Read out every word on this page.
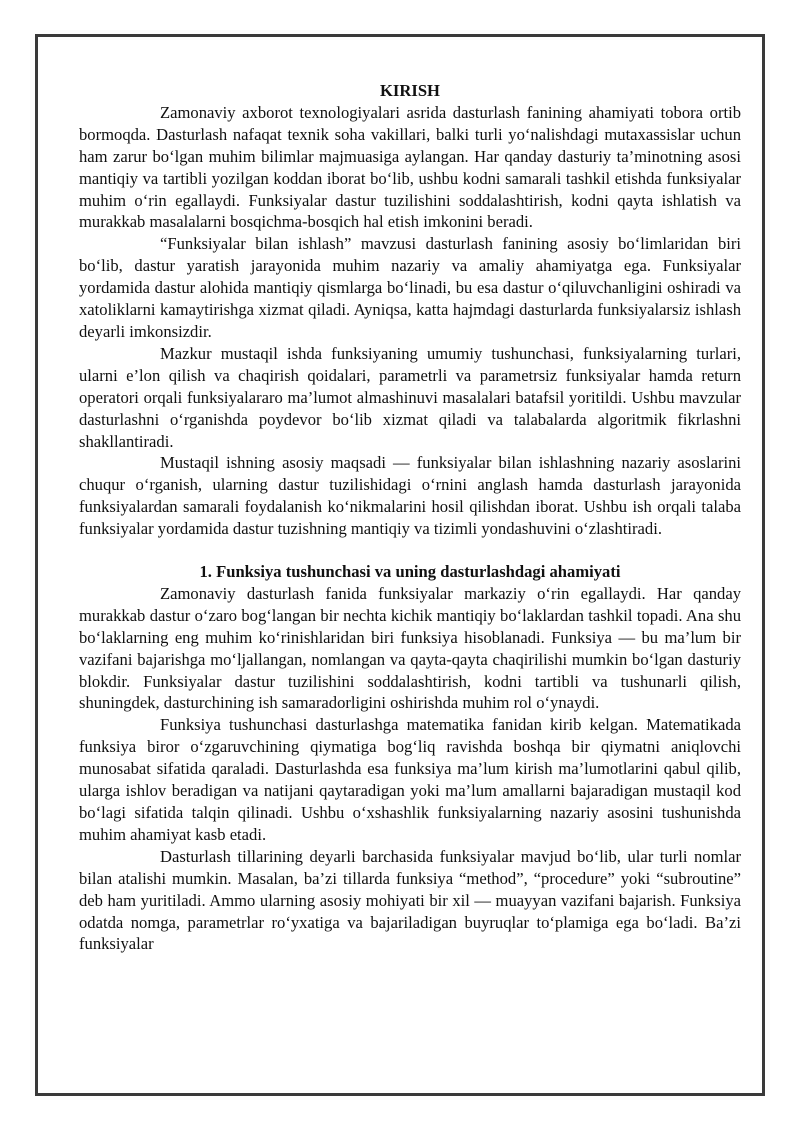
KIRISH

Zamonaviy axborot texnologiyalari asrida dasturlash fanining ahamiyati tobora ortib bormoqda. Dasturlash nafaqat texnik soha vakillari, balki turli yo‘nalishdagi mutaxassislar uchun ham zarur bo‘lgan muhim bilimlar majmuasiga aylangan. Har qanday dasturiy ta’minotning asosi mantiqiy va tartibli yozilgan koddan iborat bo‘lib, ushbu kodni samarali tashkil etishda funksiyalar muhim o‘rin egallaydi. Funksiyalar dastur tuzilishini soddalashtirish, kodni qayta ishlatish va murakkab masalalarni bosqichma-bosqich hal etish imkonini beradi.

“Funksiyalar bilan ishlash” mavzusi dasturlash fanining asosiy bo‘limlaridan biri bo‘lib, dastur yaratish jarayonida muhim nazariy va amaliy ahamiyatga ega. Funksiyalar yordamida dastur alohida mantiqiy qismlarga bo‘linadi, bu esa dastur o‘qiluvchanligini oshiradi va xatoliklarni kamaytirishga xizmat qiladi. Ayniqsa, katta hajmdagi dasturlarda funksiyalarsiz ishlash deyarli imkonsizdir.

Mazkur mustaqil ishda funksiyaning umumiy tushunchasi, funksiyalarning turlari, ularni e’lon qilish va chaqirish qoidalari, parametrli va parametrsiz funksiyalar hamda return operatori orqali funksiyalararo ma’lumot almashinuvi masalalari batafsil yoritildi. Ushbu mavzular dasturlashni o‘rganishda poydevor bo‘lib xizmat qiladi va talabalarda algoritmik fikrlashni shakllantiradi.

Mustaqil ishning asosiy maqsadi — funksiyalar bilan ishlashning nazariy asoslarini chuqur o‘rganish, ularning dastur tuzilishidagi o‘rnini anglash hamda dasturlash jarayonida funksiyalardan samarali foydalanish ko‘nikmalarini hosil qilishdan iborat. Ushbu ish orqali talaba funksiyalar yordamida dastur tuzishning mantiqiy va tizimli yondashuvini o‘zlashtiradi.

1. Funksiya tushunchasi va uning dasturlashdagi ahamiyati

Zamonaviy dasturlash fanida funksiyalar markaziy o‘rin egallaydi. Har qanday murakkab dastur o‘zaro bog‘langan bir nechta kichik mantiqiy bo‘laklardan tashkil topadi. Ana shu bo‘laklarning eng muhim ko‘rinishlaridan biri funksiya hisoblanadi. Funksiya — bu ma’lum bir vazifani bajarishga mo‘ljallangan, nomlangan va qayta-qayta chaqirilishi mumkin bo‘lgan dasturiy blokdir. Funksiyalar dastur tuzilishini soddalashtirish, kodni tartibli va tushunarli qilish, shuningdek, dasturchining ish samaradorligini oshirishda muhim rol o‘ynaydi.

Funksiya tushunchasi dasturlashga matematika fanidan kirib kelgan. Matematikada funksiya biror o‘zgaruvchining qiymatiga bog‘liq ravishda boshqa bir qiymatni aniqlovchi munosabat sifatida qaraladi. Dasturlashda esa funksiya ma’lum kirish ma’lumotlarini qabul qilib, ularga ishlov beradigan va natijani qaytaradigan yoki ma’lum amallarni bajaradigan mustaqil kod bo‘lagi sifatida talqin qilinadi. Ushbu o‘xshashlik funksiyalarning nazariy asosini tushunishda muhim ahamiyat kasb etadi.

Dasturlash tillarining deyarli barchasida funksiyalar mavjud bo‘lib, ular turli nomlar bilan atalishi mumkin. Masalan, ba’zi tillarda funksiya “method”, “procedure” yoki “subroutine” deb ham yuritiladi. Ammo ularning asosiy mohiyati bir xil — muayyan vazifani bajarish. Funksiya odatda nomga, parametrlar ro‘yxatiga va bajariladigan buyruqlar to‘plamiga ega bo‘ladi. Ba’zi funksiyalar
